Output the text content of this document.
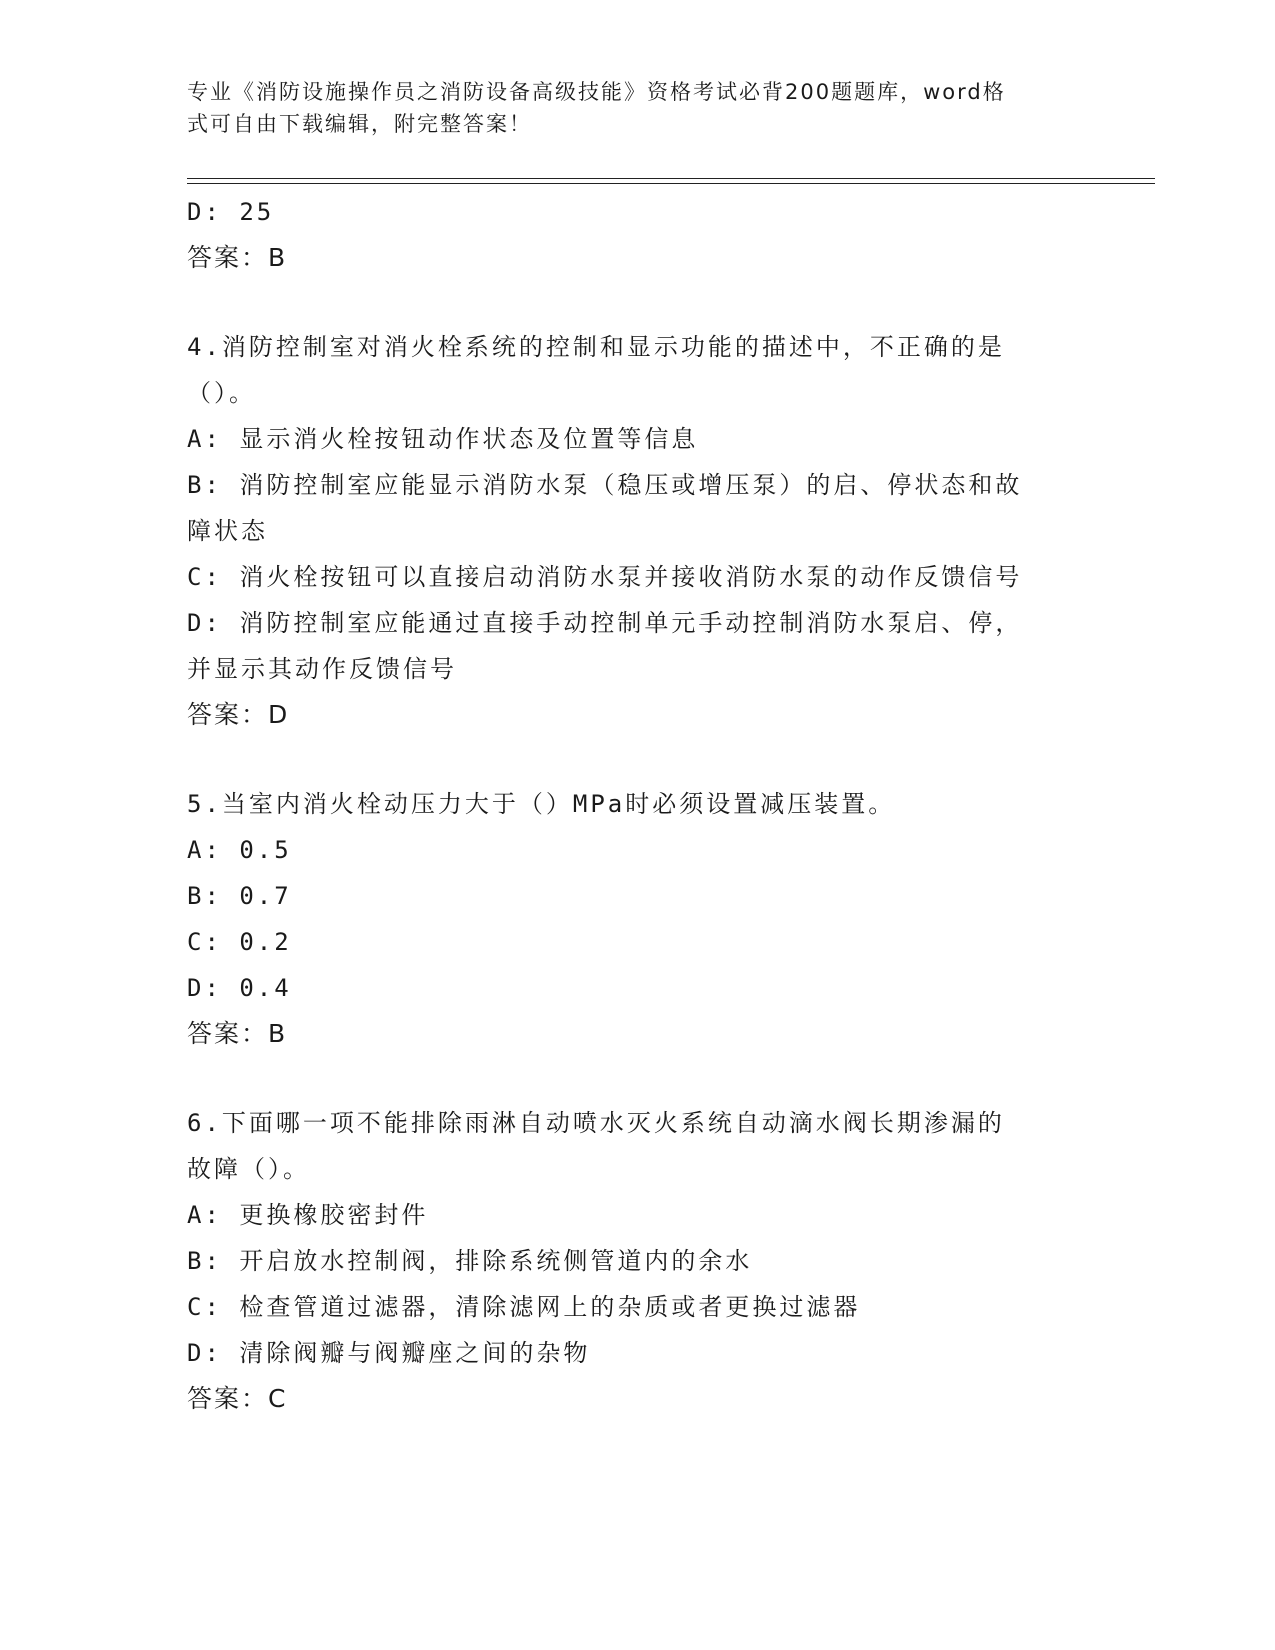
专业《消防设施操作员之消防设备高级技能》资格考试必背200题题库，word格
式可自由下载编辑，附完整答案！

D: 25

答案：B

4.消防控制室对消火栓系统的控制和显示功能的描述中，不正确的是

（）。

A: 显示消火栓按钮动作状态及位置等信息

B: 消防控制室应能显示消防水泵（稳压或增压泵）的启、停状态和故

障状态

C: 消火栓按钮可以直接启动消防水泵并接收消防水泵的动作反馈信号

D: 消防控制室应能通过直接手动控制单元手动控制消防水泵启、停，

并显示其动作反馈信号

答案：D

5.当室内消火栓动压力大于（）MPa时必须设置减压装置。

A: 0.5

B: 0.7

C: 0.2

D: 0.4

答案：B

6.下面哪一项不能排除雨淋自动喷水灭火系统自动滴水阀长期渗漏的

故障（）。

A: 更换橡胶密封件

B: 开启放水控制阀，排除系统侧管道内的余水

C: 检查管道过滤器，清除滤网上的杂质或者更换过滤器

D: 清除阀瓣与阀瓣座之间的杂物

答案：C
